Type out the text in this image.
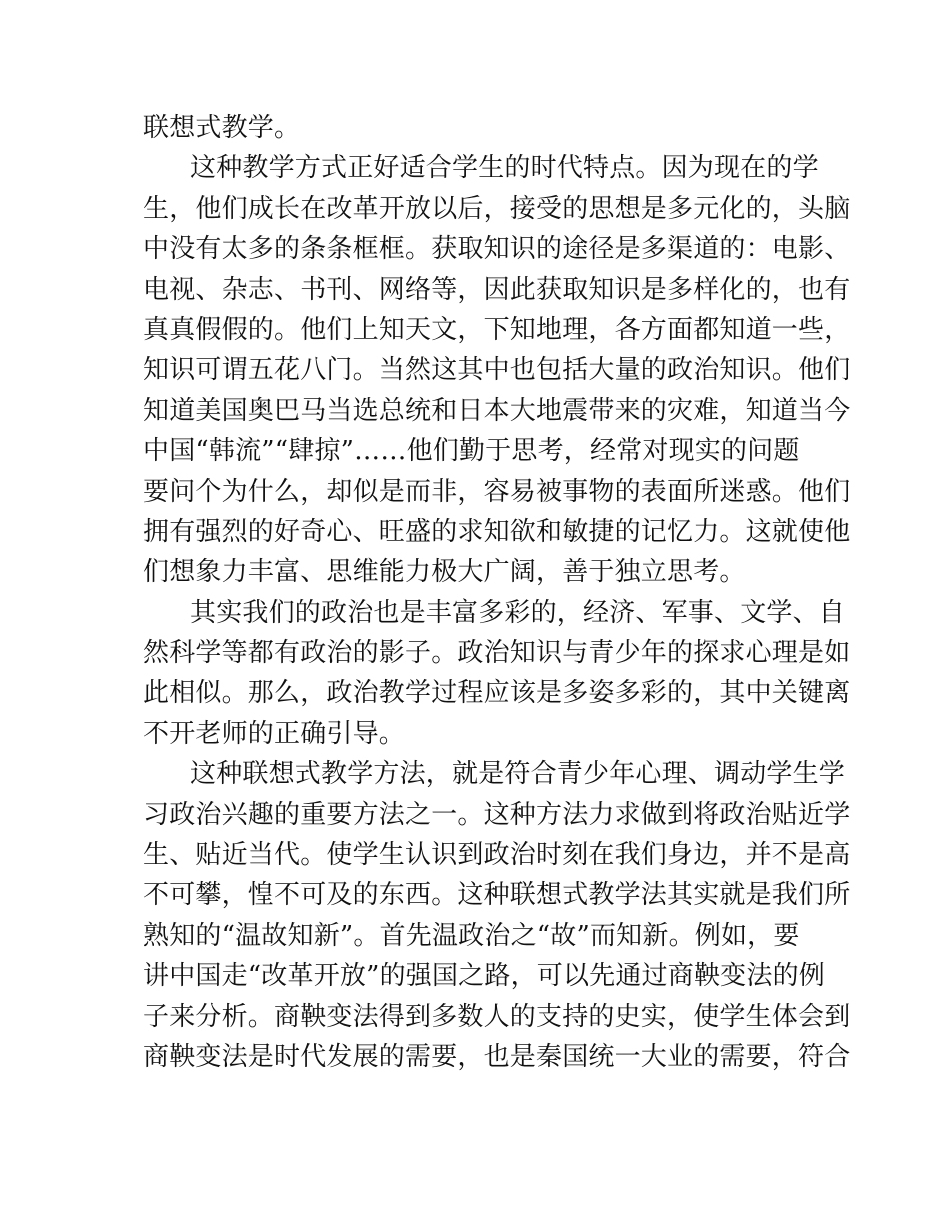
联想式教学。
这种教学方式正好适合学生的时代特点。因为现在的学
生，他们成长在改革开放以后，接受的思想是多元化的，头脑
中没有太多的条条框框。获取知识的途径是多渠道的：电影、
电视、杂志、书刊、网络等，因此获取知识是多样化的，也有
真真假假的。他们上知天文，下知地理，各方面都知道一些，
知识可谓五花八门。当然这其中也包括大量的政治知识。他们
知道美国奥巴马当选总统和日本大地震带来的灾难，知道当今
中国“韩流”“肆掠”……他们勤于思考，经常对现实的问题
要问个为什么，却似是而非，容易被事物的表面所迷惑。他们
拥有强烈的好奇心、旺盛的求知欲和敏捷的记忆力。这就使他
们想象力丰富、思维能力极大广阔，善于独立思考。
其实我们的政治也是丰富多彩的，经济、军事、文学、自
然科学等都有政治的影子。政治知识与青少年的探求心理是如
此相似。那么，政治教学过程应该是多姿多彩的，其中关键离
不开老师的正确引导。
这种联想式教学方法，就是符合青少年心理、调动学生学
习政治兴趣的重要方法之一。这种方法力求做到将政治贴近学
生、贴近当代。使学生认识到政治时刻在我们身边，并不是高
不可攀，惶不可及的东西。这种联想式教学法其实就是我们所
熟知的“温故知新”。首先温政治之“故”而知新。例如，要
讲中国走“改革开放”的强国之路，可以先通过商鞅变法的例
子来分析。商鞅变法得到多数人的支持的史实，使学生体会到
商鞅变法是时代发展的需要，也是秦国统一大业的需要，符合
